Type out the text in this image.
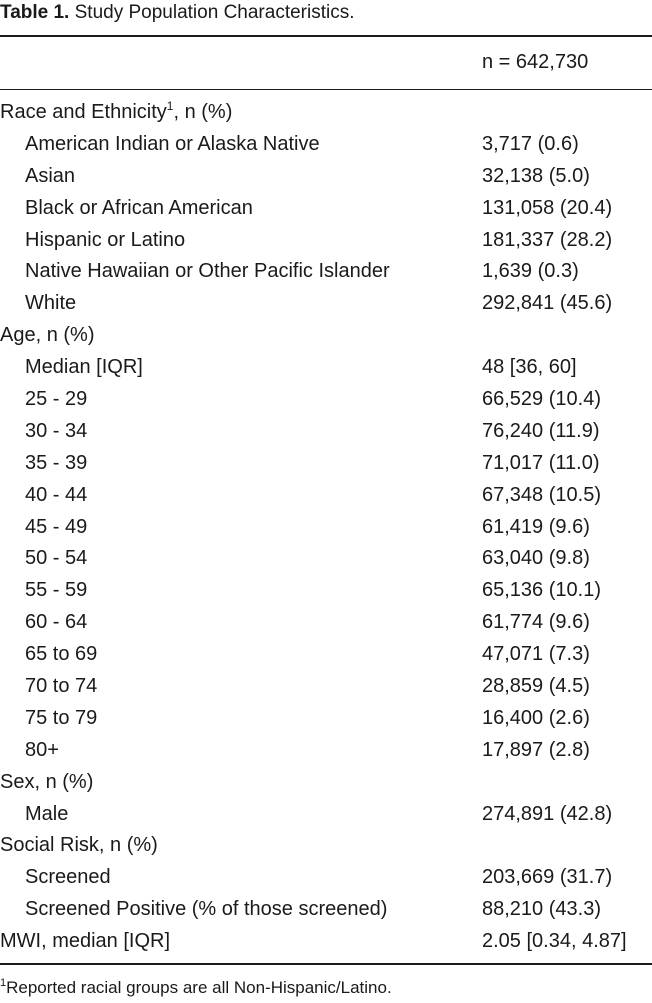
Table 1. Study Population Characteristics.
n = 642,730
Race and Ethnicity$^1$, n (%)
American Indian or Alaska Native	3,717 (0.6)
Asian	32,138 (5.0)
Black or African American	131,058 (20.4)
Hispanic or Latino	181,337 (28.2)
Native Hawaiian or Other Pacific Islander	1,639 (0.3)
White	292,841 (45.6)
Age, n (%)
Median [IQR]	48 [36, 60]
25 - 29	66,529 (10.4)
30 - 34	76,240 (11.9)
35 - 39	71,017 (11.0)
40 - 44	67,348 (10.5)
45 - 49	61,419 (9.6)
50 - 54	63,040 (9.8)
55 - 59	65,136 (10.1)
60 - 64	61,774 (9.6)
65 to 69	47,071 (7.3)
70 to 74	28,859 (4.5)
75 to 79	16,400 (2.6)
80+	17,897 (2.8)
Sex, n (%)
Male	274,891 (42.8)
Social Risk, n (%)
Screened	203,669 (31.7)
Screened Positive (% of those screened)	88,210 (43.3)
MWI, median [IQR]	2.05 [0.34, 4.87]
$^1$Reported racial groups are all Non-Hispanic/Latino.
